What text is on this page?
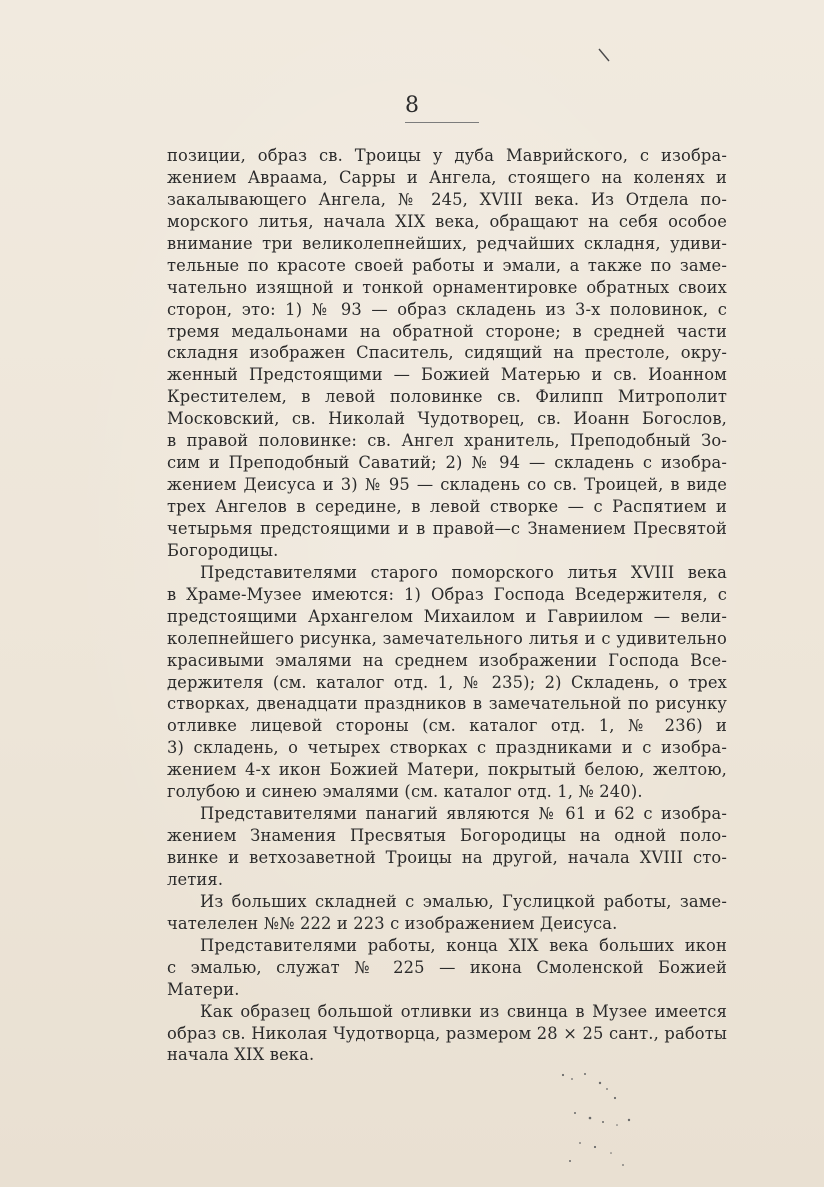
8
позиции, образ св. Троицы у дуба Маврийского, с изобра-
жением Авраама, Сарры и Ангела, стоящего на коленях и
закалывающего Ангела, № 245, XVIII века. Из Отдела по-
морского литья, начала XIX века, обращают на себя особое
внимание три великолепнейших, редчайших складня, удиви-
тельные по красоте своей работы и эмали, а также по заме-
чательно изящной и тонкой орнаментировке обратных своих
сторон, это: 1) № 93 — образ складень из 3-х половинок, с
тремя медальонами на обратной стороне; в средней части
складня изображен Спаситель, сидящий на престоле, окру-
женный Предстоящими — Божией Матерью и св. Иоанном
Крестителем, в левой половинке св. Филипп Митрополит
Московский, св. Николай Чудотворец, св. Иоанн Богослов,
в правой половинке: св. Ангел хранитель, Преподобный Зо-
сим и Преподобный Саватий; 2) № 94 — складень с изобра-
жением Деисуса и 3) № 95 — складень со св. Троицей, в виде
трех Ангелов в середине, в левой створке — с Распятием и
четырьмя предстоящими и в правой—с Знамением Пресвятой
Богородицы.
Представителями старого поморского литья XVIII века
в Храме-Музее имеются: 1) Образ Господа Вседержителя, с
предстоящими Архангелом Михаилом и Гавриилом — вели-
колепнейшего рисунка, замечательного литья и с удивительно
красивыми эмалями на среднем изображении Господа Все-
держителя (см. каталог отд. 1, № 235); 2) Складень, о трех
створках, двенадцати праздников в замечательной по рисунку
отливке лицевой стороны (см. каталог отд. 1, № 236) и
3) складень, о четырех створках с праздниками и с изобра-
жением 4-х икон Божией Матери, покрытый белою, желтою,
голубою и синею эмалями (см. каталог отд. 1, № 240).
Представителями панагий являются № 61 и 62 с изобра-
жением Знамения Пресвятыя Богородицы на одной поло-
винке и ветхозаветной Троицы на другой, начала XVIII сто-
летия.
Из больших складней с эмалью, Гуслицкой работы, заме-
чателелен №№ 222 и 223 с изображением Деисуса.
Представителями работы, конца XIX века больших икон
с эмалью, служат № 225 — икона Смоленской Божией
Матери.
Как образец большой отливки из свинца в Музее имеется
образ св. Николая Чудотворца, размером 28 × 25 сант., работы
начала XIX века.
